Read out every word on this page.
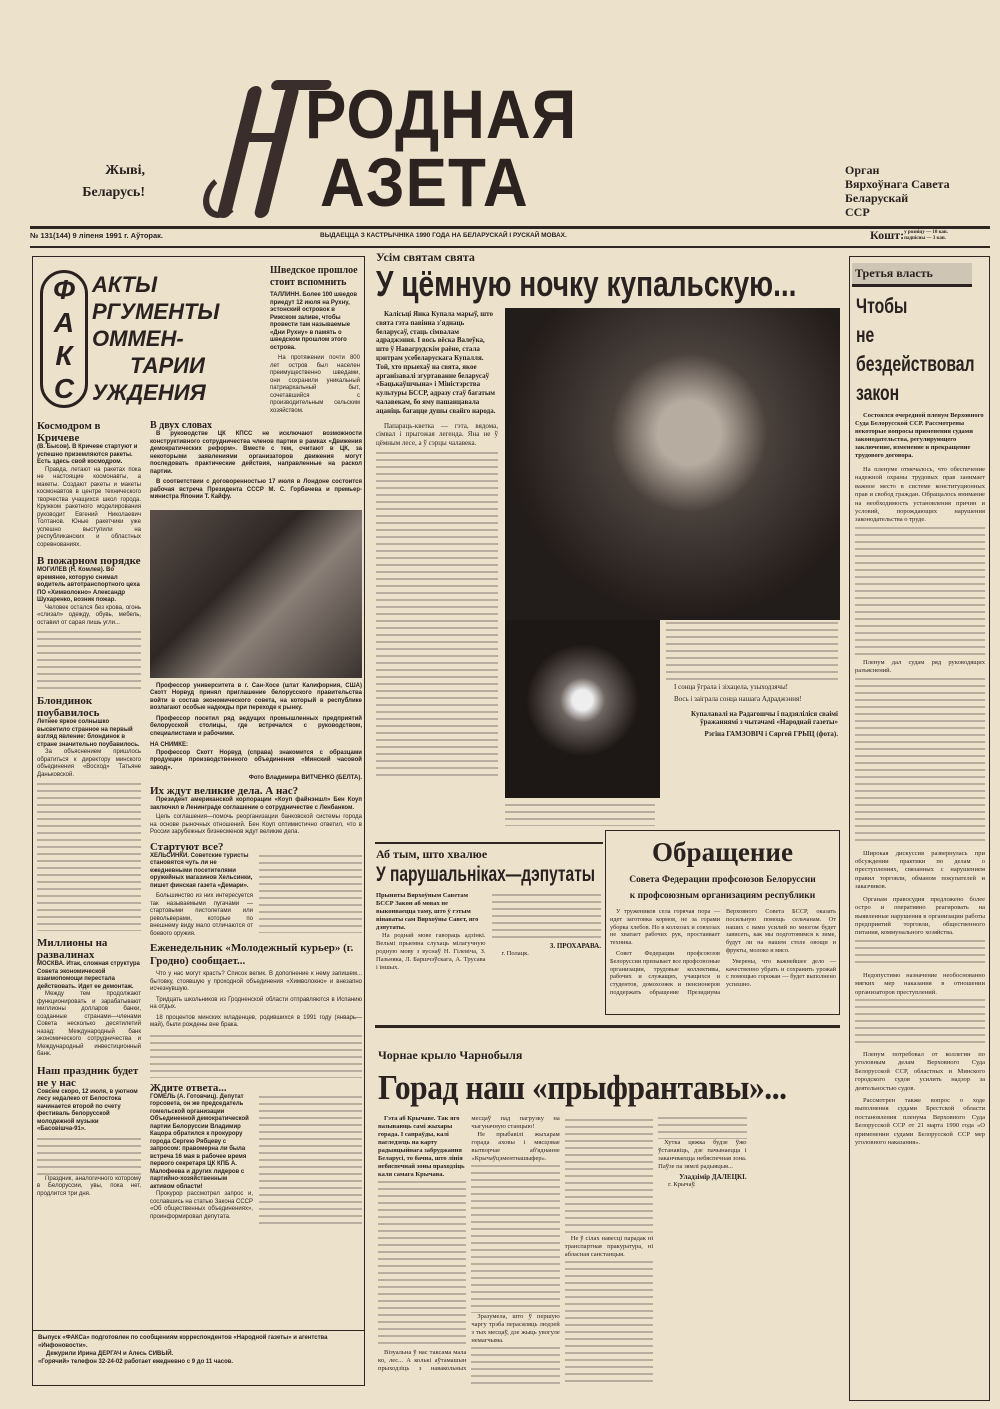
Жыві,
Беларусь!
РОДНАЯ
АЗЕТА	Орган
Вярхоўнага Савета
Беларускай
ССР
№ 131(144) 9 ліпеня 1991 г. Аўторак.	ВЫДАЕЦЦА З КАСТРЫЧНІКА 1990 ГОДА НА БЕЛАРУСКАЙ І РУСКАЙ МОВАХ.	Кошт:у розніцу — 10 кап.
падпісны — 3 кап.
Ф
А
К
С
АКТЫ
РГУМЕНТЫ
ОММЕН-
ТАРИИ
УЖДЕНИЯ
Шведское прошлое стоит вспомнить
ТАЛЛИНН. Более 100 шведов приедут 12 июля на Рухну, эстонский островок в Рижском заливе, чтобы провести там называемые «Дни Рухну» в память о шведском прошлом этого острова.
На протяжении почти 800 лет остров был населен преимущественно шведами, они сохранили уникальный патриархальный быт, сочетавшийся с производительным сельским хозяйством.
Космодром в Кричеве
(В. Бысов). В Кричеве стартуют и успешно приземляются ракеты. Есть здесь свой космодром.
Правда, летают на ракетах пока не настоящие космонавты, а макеты. Создают ракеты и макеты космонавтов в центре технического творчества учащихся школ города. Кружком ракетного моделирования руководит Евгений Николаевич Толтанов. Юные ракетчики уже успешно выступили на республиканских и областных соревнованиях.
В пожарном порядке
МОГИЛЕВ (Н. Комлев). Во времянке, которую снимал водитель автотранспортного цеха ПО «Химволокно» Александр Шухаренко, возник пожар.
Человек остался без крова, огонь «слизал» одежду, обувь, мебель, оставил от сарая лишь угли...
Блондинок поубавилось
Летнее яркое солнышко высветило странное на первый взгляд явление: блондинок в стране значительно поубавилось.
За объяснением пришлось обратиться к директору минского объединения «Восход» Татьяне Даньковской.
Миллионы на развалинах
МОСКВА. Итак, сложная структура Совета экономической взаимопомощи перестала действовать. Идет ее демонтаж.
Между тем продолжают функционировать и зарабатывают миллионы долларов банки, созданные странами—членами Совета несколько десятилетий назад: Международный банк экономического сотрудничества и Международный инвестиционный банк.
Наш праздник будет не у нас
Совсем скоро, 12 июля, в уютном лесу недалеко от Белостока начинается второй по счету фестиваль белорусской молодежной музыки «Басовішча-91».
Праздник, аналогичного которому в Белоруссии, увы, пока нет, продлится три дня.
В двух словах
В руководстве ЦК КПСС не исключают возможности конструктивного сотрудничества членов партии в рамках «Движения демократических реформ». Вместе с тем, считают в ЦК, за некоторыми заявлениями организаторов движения могут последовать практические действия, направленные на раскол партии.
В соответствии с договоренностью 17 июля в Лондоне состоится рабочая встреча Президента СССР М. С. Горбачева и премьер-министра Японии Т. Кайфу.
Профессор университета в г. Сан-Хосе (штат Калифорния, США) Скотт Норвуд принял приглашение белорусского правительства войти в состав экономического совета, на который в республике возлагают особые надежды при переходе к рынку.
Профессор посетил ряд ведущих промышленных предприятий белорусской столицы, где встречался с руководством, специалистами и рабочими.
НА СНИМКЕ:
Профессор Скотт Норвуд (справа) знакомится с образцами продукции производственного объединения «Минский часовой завод».
Фото Владимира ВИТЧЕНКО (БЕЛТА).
Их ждут великие дела. А нас?
Президент американской корпорации «Коуп файнэншл» Бен Коуп заключил в Ленинграде соглашение о сотрудничестве с Ленбанком.
Цель соглашения—помочь реорганизации банковской системы города на основе рыночных отношений. Бен Коуп оптимистично ответил, что в России зарубежных бизнесменов ждут великие дела.
Стартуют все?
ХЕЛЬСИНКИ. Советские туристы становятся чуть ли не ежедневными посетителями оружейных магазинов Хельсинки, пишет финская газета «Демари».
Большинство из них интересуется так называемыми пугачами — стартовыми пистолетами или револьверами, которые по внешнему виду мало отличаются от боевого оружия.
Еженедельник «Молодежный курьер» (г. Гродно) сообщает...
Что у нас могут красть? Список велик. В дополнение к нему запишем... бытовку, стоявшую у проходной объединения «Химволокно» и внезапно исчезнувшую.
Тридцать школьников из Гродненской области отправляются в Испанию на отдых.
18 процентов минских младенцев, родившихся в 1991 году (январь—май), были рождены вне брака.
Ждите ответа...
ГОМЕЛЬ (А. Готовчиц). Депутат горсовета, он же председатель гомельской организации Объединенной демократической партии Белоруссии Владимир Кацора обратился к прокурору города Сергею Рябцеву с запросом: правомерна ли была встреча 16 мая в рабочее время первого секретаря ЦК КПБ А. Малофеева и других лидеров с партийно-хозяйственным активом области!
Прокурор рассмотрел запрос и, сославшись на статью Закона СССР «Об общественных объединениях», проинформировал депутата.
Выпуск «ФАКСа» подготовлен по сообщениям корреспондентов «Народной газеты» и агентства «Инфоновости».
Дежурили Ирина ДЕРГАЧ и Алесь СИВЫЙ.
«Горячий» телефон 32-24-02 работает ежедневно с 9 до 11 часов.
Усім святам свята
У цёмную ночку купальскую...
Калісьці Янка Купала марыў, што свята гэта павінна з'яднаць беларусаў, стаць сімвалам адраджэння. І вось вёска Валеўка, што ў Навагрудскім раёне, стала цэнтрам усебеларускага Купалля. Той, хто прыехаў на свята, якое арганізавалі згуртаванне беларусаў «Бацькаўшчына» і Міністэрства культуры БССР, адразу стаў багатым чалавекам, бо яму пашанцавала ацаніць багацце душы свайго народа.
Папараць-кветка — гэта, вядома, сімвал і прыгожая легенда. Яна не ў цёмным лесе, а ў сэрцы чалавека.
І сонца ўграла і зіхацела, узыходзячы!
Вось і заіграла сонца нашага Адраджэння!
Купалавалі на Радагошчы і падзяліліся сваімі ўражаннямі з чытачамі «Народнай газеты»
Рэгіна ГАМЗОВІЧ і Сяргей ГРЫЦ (фота).
Аб тым, што хвалюе
У парушальніках—дэпутаты
Прыняты Вярхоўным Саветам БССР Закон аб мовах не выконваецца таму, што ў гэтым вінаваты сам Вярхоўны Савет, яго дэпутаты.
На роднай мове гавораць адзінкі. Вельмі прыемна слухаць мілагучную родную мову з вуснаў Н. Гілевіча, З. Пазьняка, Л. Баршчэўскага, А. Трусава і іншых.
З. ПРОХАРАВА.
г. Полацк.
Обращение
Совета Федерации профсоюзов Белоруссии
к профсоюзным организациям республики
У тружеников села горячая пора — идет заготовка кормов, не за горами уборка хлебов. Но в колхозах и совхозах не хватает рабочих рук, простаивает техника.
Совет Федерации профсоюзов Белоруссии призывает все профсоюзные организации, трудовые коллективы, рабочих и служащих, учащихся и студентов, домохозяек и пенсионеров поддержать обращение Президиума Верховного Совета БССР, оказать посильную помощь сельчанам. От наших с вами усилий во многом будет зависеть, как мы подготовимся к зиме, будут ли на нашем столе овощи и фрукты, молоко и мясо.
Уверены, что важнейшее дело — качественно убрать и сохранить урожай с помощью горожан — будет выполнено успешно.
Чорнае крыло Чарнобыля
Горад наш «прыфрантавы»...
Гэта аб Крычаве. Так яго называюць самі жыхары горада. І сапраўды, калі пагледзець на карту радыяцыйнага забруджання Беларусі, то бачна, што лінія небяспечнай зоны праходзіць каля самага Крычава.
Візуальна ў нас таксама мала ко, лес... А колькі аўтамашын прыходзіць з навакольных месцаў пад пагрузку на чыгуначную станцыю!
Не прыбавілі жыхарам горада аховы і мясцовае вытворчае аб'яднанне «Крычаўцэментнашыфер».
Зразумела, што ў першую чаргу трэба перасяляць людзей з тых месцаў, дзе жыць увогуле немагчыма.
Не ў сілах навесці парадак ні транспартная пракуратура, ні абласная санстанцыя.
Хутка цяжка будзе ўжо ўстанавіць, дзе пачынаецца і заканчваецца небяспечная зона. Паўзе па зямлі радыяцыя...
Уладзімір ДАЛЕЦКІ.
г. Крычаў.
Третья власть
Чтобы
не
бездействовал
закон
Состоялся очередной пленум Верховного Суда Белорусской ССР. Рассмотрены некоторые вопросы применения судами законодательства, регулирующего заключение, изменение и прекращение трудового договора.
На пленуме отмечалось, что обеспечение надежной охраны трудовых прав занимает важное место в системе конституционных прав и свобод граждан. Обращалось внимание на необходимость установления причин и условий, порождающих нарушения законодательства о труде.
Пленум дал судам ряд руководящих разъяснений.
Широкая дискуссия развернулась при обсуждении практики по делам о преступлениях, связанных с нарушением правил торговли, обманом покупателей и заказчиков.
Органам правосудия предложено более остро и оперативно реагировать на выявленные нарушения в организации работы предприятий торговли, общественного питания, коммунального хозяйства.
Недопустимо назначение необоснованно мягких мер наказания в отношении организаторов преступлений.
Пленум потребовал от коллегии по уголовным делам Верховного Суда Белорусской ССР, областных и Минского городского судов усилить надзор за деятельностью судов.
Рассмотрен также вопрос о ходе выполнения судами Брестской области постановления пленума Верховного Суда Белорусской ССР от 21 марта 1990 года «О применении судами Белорусской ССР мер уголовного наказания».
